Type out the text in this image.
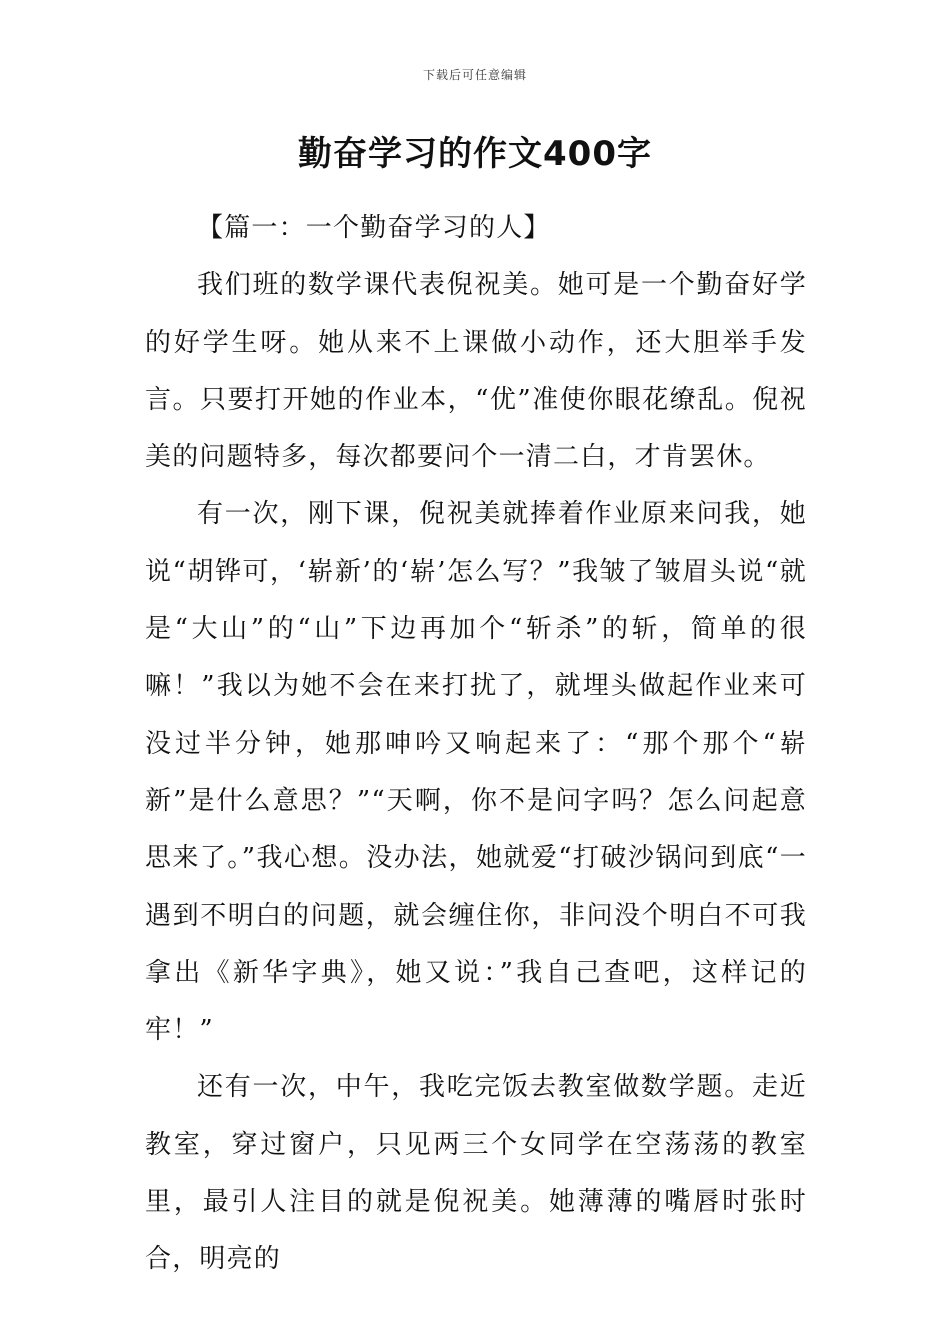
下载后可任意编辑
勤奋学习的作文400字

【篇一：一个勤奋学习的人】

我们班的数学课代表倪祝美。她可是一个勤奋好学的好学生呀。她从来不上课做小动作，还大胆举手发言。只要打开她的作业本，“优”准使你眼花缭乱。倪祝美的问题特多，每次都要问个一清二白，才肯罢休。

有一次，刚下课，倪祝美就捧着作业原来问我，她说“胡铧可，‘崭新’的‘崭’怎么写？”我皱了皱眉头说“就是“大山”的“山”下边再加个“斩杀”的斩，简单的很嘛！”我以为她不会在来打扰了，就埋头做起作业来可没过半分钟，她那呻吟又响起来了：“那个那个“崭新”是什么意思？”“天啊，你不是问字吗？怎么问起意思来了。”我心想。没办法，她就爱“打破沙锅问到底“一遇到不明白的问题，就会缠住你，非问没个明白不可我拿出《新华字典》，她又说：”我自己查吧，这样记的牢！”

还有一次，中午，我吃完饭去教室做数学题。走近教室，穿过窗户，只见两三个女同学在空荡荡的教室里，最引人注目的就是倪祝美。她薄薄的嘴唇时张时合，明亮的
